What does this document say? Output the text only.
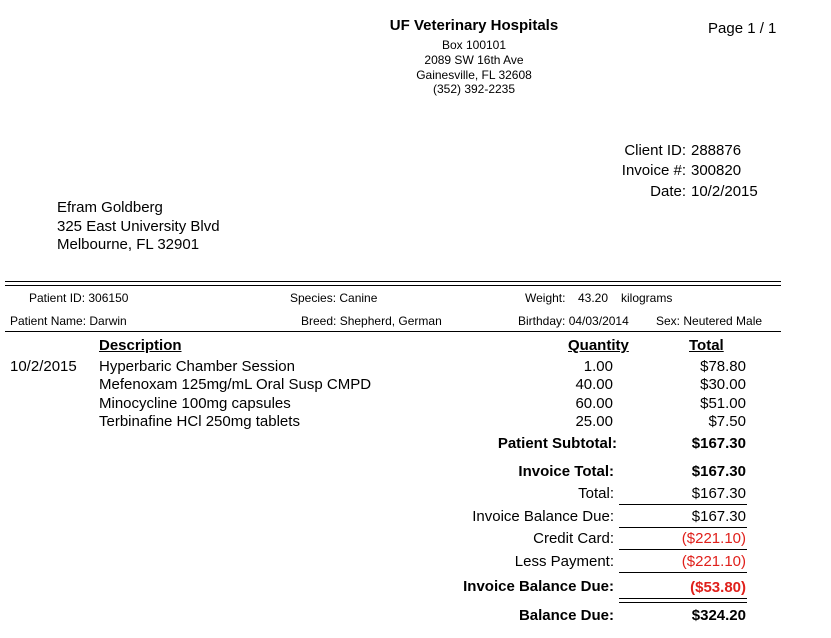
UF Veterinary Hospitals
Box 100101
2089 SW 16th Ave
Gainesville, FL 32608
(352) 392-2235
Page 1 / 1
Client ID: 288876
Invoice #: 300820
Date: 10/2/2015
Efram Goldberg
325 East University Blvd
Melbourne, FL 32901
Patient ID: 306150	Species: Canine	Weight: 43.20 kilograms
Patient Name: Darwin	Breed: Shepherd, German	Birthday: 04/03/2014 Sex: Neutered Male
Description	Quantity	Total
10/2/2015 Hyperbaric Chamber Session	1.00	$78.80
Mefenoxam 125mg/mL Oral Susp CMPD	40.00	$30.00
Minocycline 100mg capsules	60.00	$51.00
Terbinafine HCl 250mg tablets	25.00	$7.50
Patient Subtotal:	$167.30
Invoice Total:	$167.30
Total:	$167.30
Invoice Balance Due:	$167.30
Credit Card:	($221.10)
Less Payment:	($221.10)
Invoice Balance Due:	($53.80)
Balance Due:	$324.20
